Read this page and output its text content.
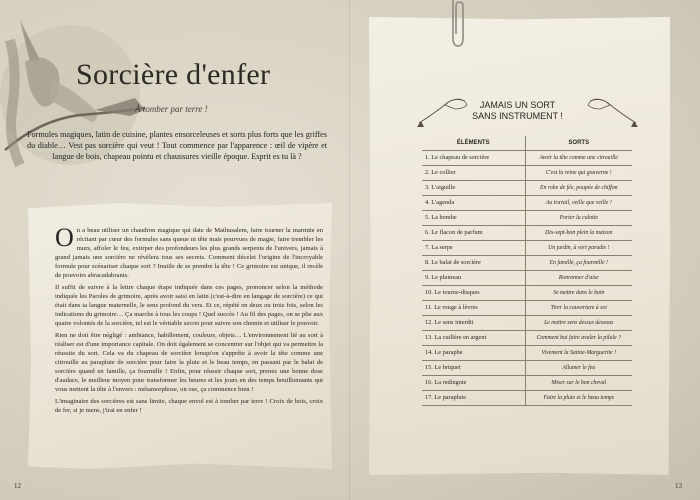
Sorcière d'enfer
À tomber par terre !

Formules magiques, latin de cuisine, plantes ensorceleuses et sorts plus forts que les griffes du diable… Vest pas sorcière qui veut ! Tout commence par l'apparence : œil de vipère et langue de bois, chapeau pointu et chaussures vieille époque. Esprit es tu là ?

On a beau utiliser un chaudron magique qui date de Mathusalem, faire tourner la marmite en récitant par cœur des formules sans queue ni tête mais pourvues de magie, faire trembler les murs, affoler le feu, extirper des profondeurs les plus grands serpents de l'univers, jamais à grand jamais une sorcière ne révèlera tous ses secrets. Comment décelet l'origine de l'incroyable formule pour scénariser chaque sort ? Inutile de se prendre la tête ! Ce grimoire est unique, il recèle de pouvoirs abracadabrants.

Il suffit de suivre à la lettre chaque étape indiquée dans ces pages, prononcer selon la méthode indiquée les Paroles de grimoire, après avoir saisi en latin (c'est-à-dire en langage de sorcière) ce qui était dans ta langue maternelle, le sens profond du vers. Et ce, répété en deux ou trois fois, selon les indications du grimoire… Ça marche à tous les coups ! Quel succès ! Au fil des pages, on se plie aux quatre volontés de la sorcière, tel est le véritable secret pour suivre son chemin et utiliser le pouvoir.

Rien ne doit être négligé : ambiance, habillement, couleurs, objets… L'environnement lié au sort à réaliser est d'une importance capitale. On doit également se concentrer sur l'objet qui va permettre la réussite du sort. Cela va du chapeau de sorcière lorsqu'on s'apprête à avoir la tête comme une citrouille au parapluie de sorcière pour faire la pluie et le beau temps, en passant par le balai de sorcière quand en famille, ça fourmille ! Enfin, pour réussir chaque sort, prenez une bonne dose d'audace, le meilleur moyen pour transformer les heures et les jours en des temps bouillonnants qui vous mettent la tête à l'envers : métamorphose, on ose, ça commence bien !

L'imaginaire des sorcières est sans limite, chaque envol est à tomber par terre ! Croix de bois, croix de fer, si je mens, j'irai en enfer !

JAMAIS UN SORT
SANS INSTRUMENT !
ÉLÉMENTS	SORTS
1. Le chapeau de sorcière	Avoir la tête comme une citrouille
2. Le collier	C'est la reine qui gouverne !
3. L'aiguille	En robe de fée, poupée de chiffon
4. L'agenda	Au travail, veille que veille !
5. La bombe	Porter la culotte
6. Le flacon de parfum	Dix-sept-bon plein la maison
7. La serpe	Un jardin, à vert paradis !
8. Le balai de sorcière	En famille, ça fourmille !
9. Le plumeau	Ronronner d'aise
10. Le tourne-disques	Se mettre dans le bain
11. Le rouge à lèvres	Tirer la couverture à soi
12. Le sens interdit	Le mettre sens dessus dessous
13. La cuillère en argent	Comment bui faire avaler la pilule ?
14. Le paraphe	Vivement la Sainte-Marguerite !
15. Le briquet	Allumer le feu
16. La redingote	Miser sur le bon cheval
17. Le parapluie	Faire la pluie et le beau temps
12	13
